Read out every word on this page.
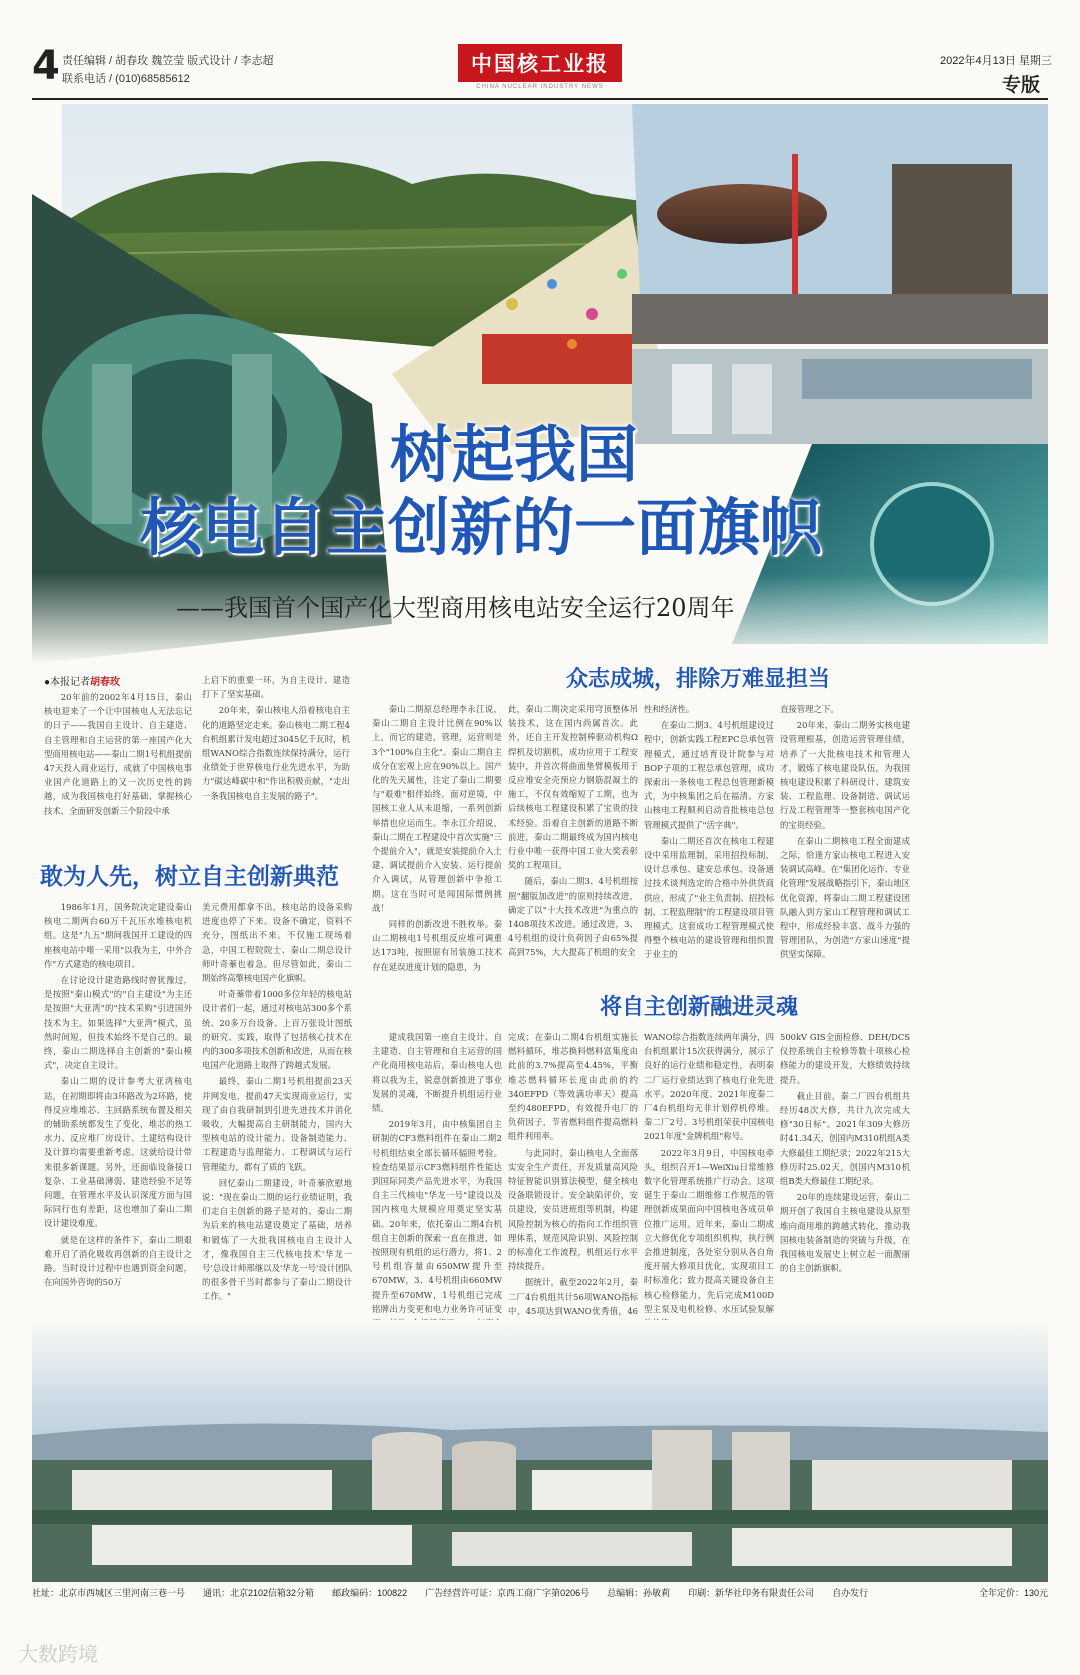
4 责任编辑 / 胡春玫 魏笠莹 版式设计 / 李志超
联系电话 / (010)68585612
中国核工业报
CHINA NUCLEAR INDUSTRY NEWS
2022年4月13日 星期三
专版
树起我国
核电自主创新的一面旗帜
——我国首个国产化大型商用核电站安全运行20周年
●本报记者胡春玫

20年前的2002年4月15日，秦山核电迎来了一个让中国核电人无法忘记的日子——我国自主设计、自主建造、自主管理和自主运营的第一座国产化大型商用核电站——秦山二期1号机组提前47天投入商业运行，成就了中国核电事业国产化道路上的又一次历史性的跨越，成为我国核电打好基础、掌握核心技术、全面研发创新三个阶段中承

上启下的重要一环，为自主设计、建造打下了坚实基础。

20年来，秦山核电人沿着核电自主化的道路坚定走来。秦山核电二期工程4台机组累计发电超过3045亿千瓦时，机组WANO综合指数连续保持满分，运行业绩处于世界核电行业先进水平，为助力"碳达峰碳中和"作出积极贡献，"走出一条我国核电自主发展的路子"。

敢为人先，树立自主创新典范

1986年1月，国务院决定建设秦山核电二期两台60万千瓦压水堆核电机组。这是"九五"期间我国开工建设的四座核电站中唯一采用"以我为主，中外合作"方式建造的核电项目。

在讨论设计建造路线时曾犹豫过，是按照"秦山模式"的"自主建设"为主还是按照"大亚湾"的"技术采购"引进国外技术为主。如果选择"大亚湾"模式，虽然时间短，但技术始终不是自己的。最终，秦山二期选择自主创新的"秦山模式"，决定自主设计。

秦山二期的设计参考大亚湾核电站，在初期即将由3环路改为2环路，使得反应堆堆芯、主回路系统布置及相关的辅助系统都发生了变化，堆芯的热工水力、反应堆厂房设计、土建结构设计及计算均需要重新考虑。这就给设计带来很多新课题。另外，还面临设备接口复杂、工业基础薄弱、建造经验不足等问题，在管理水平及认识深度方面与国际同行也有差距，这也增加了秦山二期设计建设难度。

就是在这样的条件下，秦山二期艰难开启了消化吸收再创新的自主设计之路。当时设计过程中也遇到资金问题，在向国外咨询的50万

美元费用都拿不出，核电站的设备采购进度也停了下来。设备不确定，资料不充分，图纸出不来。不仅施工现场着急，中国工程院院士、秦山二期总设计师叶奇蓁也着急。但尽管如此，秦山二期始终高擎核电国产化旗帜。

叶奇蓁带着1000多位年轻的核电站设计者们一起，通过对核电站300多个系统、20多万台设备、上百万张设计图纸的研究、实践，取得了包括核心技术在内的300多项技术创新和改进，从而在核电国产化道路上取得了跨越式发展。

最终，秦山二期1号机组提前23天并网发电，提前47天实现商业运行，实现了由自我研制到引进先进技术并消化吸收，大幅提高自主研制能力，国内大型核电站的设计能力、设备制造能力、工程建造与监理能力、工程调试与运行管理能力，都有了质的飞跃。

回忆秦山二期建设，叶奇蓁欣慰地说："现在秦山二期的运行业绩证明，我们走自主创新的路子是对的。秦山二期为后来的核电站建设奠定了基础，培养和锻炼了一大批我国核电自主设计人才，像我国自主三代核电技术'华龙一号'总设计师邢继以及'华龙一号'设计团队的很多骨干当时都参与了秦山二期设计工作。"

众志成城，排除万难显担当

秦山二期原总经理李永江说，秦山二期自主设计比例在90%以上，而它的建造，管理，运营则是3个"100%自主化"。秦山二期自主成分在宏观上应在90%以上。国产化的先天属性，注定了秦山二期要与"艰难"相伴始终。面对逆境，中国核工业人从未退缩，一系列创新举措也应运而生。李永江介绍说，秦山二期在工程建设中首次实施"三个提前介入"，就是安装提前介入土建、调试提前介入安装、运行提前介入调试，从管理创新中争抢工期。这在当时可是闻国际惯例挑战！

同样的创新改进不胜枚举。秦山二期核电1号机组反应堆可调重达173吨，按照原有吊装施工技术存在延误进度计划的隐患，为

此，秦山二期决定采用穹顶整体吊装技术，这在国内尚属首次。此外，还自主开发控制棒驱动机构Ω焊机及切割机，成功应用于工程安装中，并首次将曲面垫臂模板用于反应堆安全壳预应力钢筋混凝土的施工，不仅有效缩短了工期，也为后续核电工程建设积累了宝贵的技术经验。沿着自主创新的道路不断前进，秦山二期最终成为国内核电行业中唯一获得中国工业大奖表彰奖的工程项目。

随后，秦山二期3、4号机组按照"翻版加改进"的原则持续改进，确定了以"十大技术改进"为重点的1408项技术改进。通过改进，3、4号机组的设计负荷因子由65%提高到75%，大大提高了机组的安全

性和经济性。

在秦山二期3、4号机组建设过程中，创新实践工程EPC总承包管理模式，通过培育设计院参与对BOP子项的工程总承包管理，成功探索出一条核电工程总包管理新模式，为中核集团之后在福清、方家山核电工程顺利启动首批核电总包管理模式提供了"活字典"。

秦山二期还首次在核电工程建设中采用监理制，采用招投标制，设计总承包、建安总承包、设备通过技术谈判选定的合格中外供货商供应，形成了"业主负责制、招投标制、工程监理制"的工程建设项目管理模式。这套成功工程管理模式使得整个核电站的建设管理和组织置于业主的

直接管理之下。

20年来，秦山二期务实核电建设管理根基，创造运营管理佳绩，培养了一大批核电技术和管理人才，锻炼了核电建设队伍，为我国核电建设积累了科研设计、建筑安装、工程监理、设备制造、调试运行及工程管理等一整套核电国产化的宝贵经验。

在秦山二期核电工程全面建成之际，恰逢方家山核电工程进入安装调试高峰。在"集团化运作、专业化管理"发展战略指引下，秦山地区优化资源，将秦山二期工程建设团队融入到方家山工程管理和调试工程中，形成经验丰富、战斗力强的管理团队，为创造"方家山速度"提供坚实保障。

将自主创新融进灵魂

建成我国第一座自主设计、自主建造、自主管理和自主运营的国产化商用核电站后，秦山核电人也将以我为主，锐意创新推进了事业发展的灵魂，不断提升机组运行业绩。

2019年3月，由中核集团自主研制的CF3燃料组件在秦山二期2号机组结束全部长循环辐照考验。检查结果显示CF3燃料组件性能达到国际同类产品先进水平，为我国自主三代核电"华龙一号"建设以及国内核电大规模应用奠定坚实基础。20年来，依托秦山二期4台机组自主创新的探索一直在推进，如按照现有机组的运行潜力，将1、2号机组容量由650MW提升至670MW，3、4号机组由660MW提升至670MW，1号机组已完成铭牌出力变更和电力业务许可证变

完成；在秦山二期4台机组实施长燃料循环，堆芯换料燃料富集度由此前的3.7%提高至4.45%，平衡堆芯燃料循环长度由此前的约340EFPD（等效满功率天）提高至约480EFPD，有效提升电厂的负荷因子，节省燃料组件提高燃料组件利用率。

与此同时，秦山核电人全面落实安全生产责任，开发质量高风险特征智能识别算法模型，健全核电设备联锁设计、安全缺陷评价，安员建设，安员进班组等机制，构建风险控制为核心的指向工作组织管理体系，规范风险识别、风险控制的标准化工作流程，机组运行水平持续提升。

据统计，截至2022年2月，秦二厂4台机组共计56项WANO指标中，45项达到WANO优秀值，46

WANO综合指数连续两年满分，四台机组累计15次获得满分，展示了良好的运行业绩和稳定性，表明秦二厂运行业绩达到了核电行业先进水平。2020年度、2021年度秦二厂4台机组均无非计划停机停堆。秦二厂2号、3号机组荣获中国核电2021年度"金牌机组"称号。

2022年3月9日，中国核电牵头，组织召开1—WeiXiu日常维修数字化管理系统推广行动会。这项诞生于秦山二期维修工作规范的管理创新成果面向中国核电各成员单位推广运用。近年来，秦山二期成立大修优化专项组织机构，执行例会推进制度，各处室分别从各自角度开展大修项目优化，实现项目工时标准化；致力提高关键设备自主核心检修能力，先后完成M100D型主泵及电机检修、水压试验泵解

500kV GIS全面检修、DEH/DCS仪控系统自主检修等数十项核心检修能力的建设开发，大修绩效持续提升。

截止目前，秦二厂四台机组共经历48次大修，共计九次完成大修"30日标"。2021年309大修历时41.34天，创国内M310机组A类大修最佳工期纪录；2022年215大修历时25.02天，创国内M310机组B类大修最佳工期纪录。

20年的连续建设运营，秦山二期开创了我国自主核电建设从原型堆向商用堆的跨越式转化，推动我国核电装备制造的突破与升级，在我国核电发展史上树立起一面靓丽的自主创新旗帜。

社址：北京市西城区三里河南三巷一号 通讯：北京2102信箱32分箱 邮政编码：100822 广告经营许可证：京西工商广字第0206号 总编辑：孙敏莉 印刷：新华社印务有限责任公司 自办发行	全年定价：130元
大数跨境
